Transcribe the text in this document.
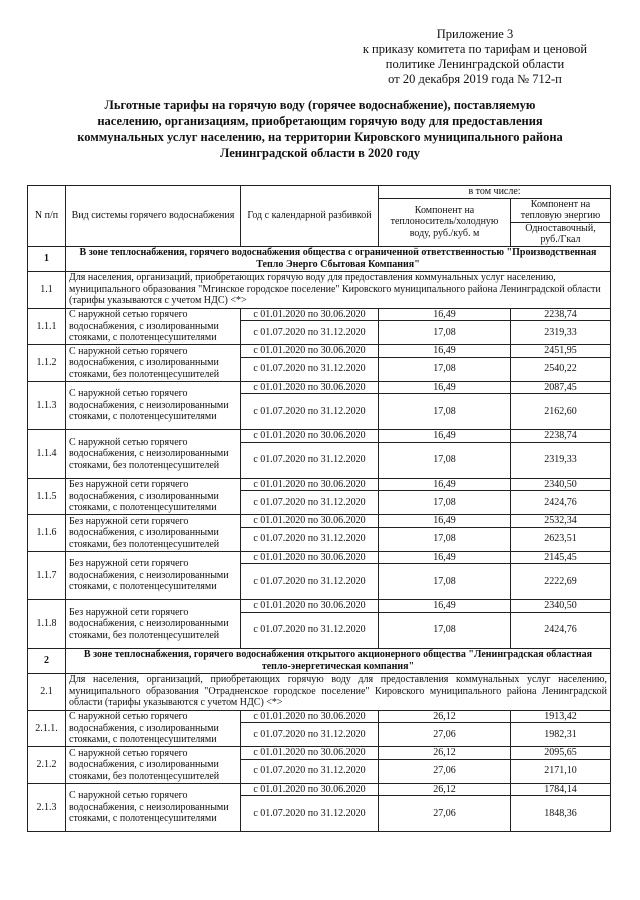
Приложение 3
к приказу комитета по тарифам и ценовой
политике Ленинградской области
от 20 декабря 2019 года № 712-п
Льготные тарифы на горячую воду (горячее водоснабжение), поставляемую
населению, организациям, приобретающим горячую воду для предоставления
коммунальных услуг населению, на территории Кировского муниципального района
Ленинградской области в 2020 году
N п/п	Вид системы горячего водоснабжения	Год с календарной разбивкой	в том числе:	
			Компонент на теплоноситель/холодную воду, руб./куб. м	Компонент на тепловую энергию
				Одноставочный, руб./Гкал
1	В зоне теплоснабжения, горячего водоснабжения общества с ограниченной ответственностью "Производственная Тепло Энерго Сбытовая Компания"			
1.1	Для населения, организаций, приобретающих горячую воду для предоставления коммунальных услуг населению, муниципального образования "Мгинское городское поселение" Кировского муниципального района Ленинградской области (тарифы указываются с учетом НДС) <*>			
1.1.1	С наружной сетью горячего водоснабжения, с изолированными стояками, с полотенцесушителями	с 01.01.2020 по 30.06.2020	16,49	2238,74
		с 01.07.2020 по 31.12.2020	17,08	2319,33
1.1.2	С наружной сетью горячего водоснабжения, с изолированными стояками, без полотенцесушителей	с 01.01.2020 по 30.06.2020	16,49	2451,95
		с 01.07.2020 по 31.12.2020	17,08	2540,22
1.1.3	С наружной сетью горячего водоснабжения, с неизолированными стояками, с полотенцесушителями	с 01.01.2020 по 30.06.2020	16,49	2087,45
		с 01.07.2020 по 31.12.2020	17,08	2162,60
1.1.4	С наружной сетью горячего водоснабжения, с неизолированными стояками, без полотенцесушителей	с 01.01.2020 по 30.06.2020	16,49	2238,74
		с 01.07.2020 по 31.12.2020	17,08	2319,33
1.1.5	Без наружной сети горячего водоснабжения, с изолированными стояками, с полотенцесушителями	с 01.01.2020 по 30.06.2020	16,49	2340,50
		с 01.07.2020 по 31.12.2020	17,08	2424,76
1.1.6	Без наружной сети горячего водоснабжения, с изолированными стояками, без полотенцесушителей	с 01.01.2020 по 30.06.2020	16,49	2532,34
		с 01.07.2020 по 31.12.2020	17,08	2623,51
1.1.7	Без наружной сети горячего водоснабжения, с неизолированными стояками, с полотенцесушителями	с 01.01.2020 по 30.06.2020	16,49	2145,45
		с 01.07.2020 по 31.12.2020	17,08	2222,69
1.1.8	Без наружной сети горячего водоснабжения, с неизолированными стояками, без полотенцесушителей	с 01.01.2020 по 30.06.2020	16,49	2340,50
		с 01.07.2020 по 31.12.2020	17,08	2424,76
2	В зоне теплоснабжения, горячего водоснабжения открытого акционерного общества "Ленинградская областная тепло-энергетическая компания"			
2.1	Для населения, организаций, приобретающих горячую воду для предоставления коммунальных услуг населению, муниципального образования "Отрадненское городское поселение" Кировского муниципального района Ленинградской области (тарифы указываются с учетом НДС) <*>			
2.1.1.	С наружной сетью горячего водоснабжения, с изолированными стояками, с полотенцесушителями	с 01.01.2020 по 30.06.2020	26,12	1913,42
		с 01.07.2020 по 31.12.2020	27,06	1982,31
2.1.2	С наружной сетью горячего водоснабжения, с изолированными стояками, без полотенцесушителей	с 01.01.2020 по 30.06.2020	26,12	2095,65
		с 01.07.2020 по 31.12.2020	27,06	2171,10
2.1.3	С наружной сетью горячего водоснабжения, с неизолированными стояками, с полотенцесушителями	с 01.01.2020 по 30.06.2020	26,12	1784,14
		с 01.07.2020 по 31.12.2020	27,06	1848,36
